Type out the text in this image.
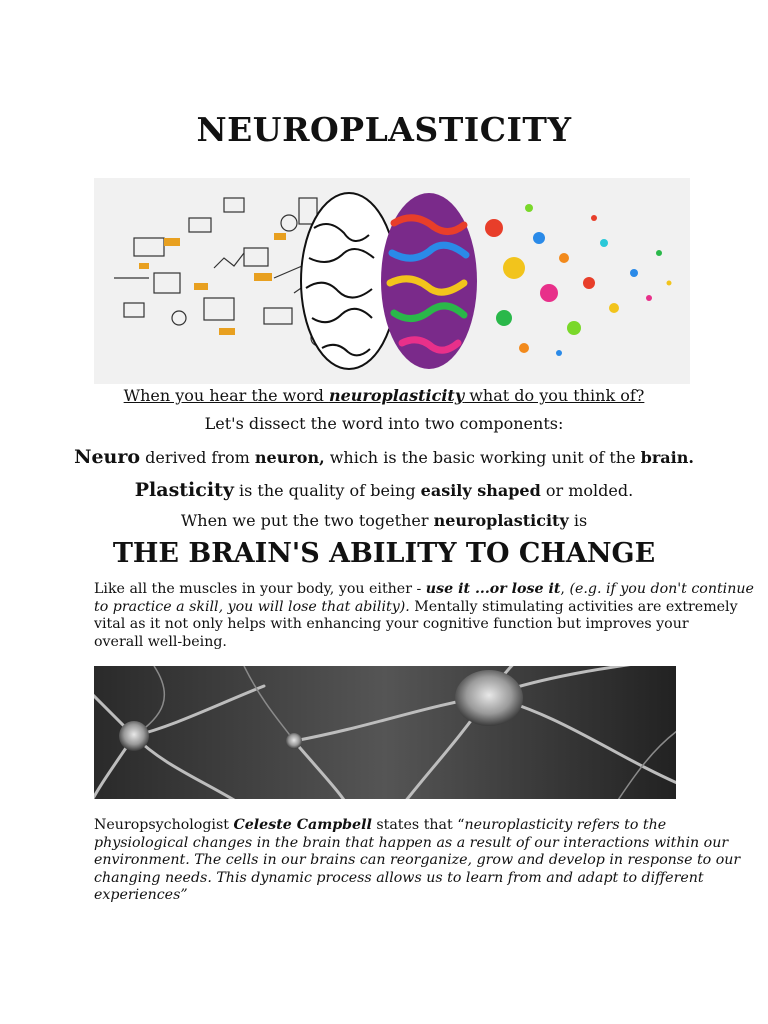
NEUROPLASTICITY
When you hear the word neuroplasticity what do you think of?
Let's dissect the word into two components:
Neuro derived from neuron, which is the basic working unit of the brain.
Plasticity is the quality of being easily shaped or molded.
When we put the two together neuroplasticity is
THE BRAIN'S ABILITY TO CHANGE
Like all the muscles in your body, you either - use it ...or lose it, (e.g. if you don't continue
to practice a skill, you will lose that ability). Mentally stimulating activities are extremely
vital as it not only helps with enhancing your cognitive function but improves your
overall well-being.
Neuropsychologist Celeste Campbell states that “neuroplasticity refers to the
physiological changes in the brain that happen as a result of our interactions within our
environment. The cells in our brains can reorganize, grow and develop in response to our
changing needs. This dynamic process allows us to learn from and adapt to different
experiences”
